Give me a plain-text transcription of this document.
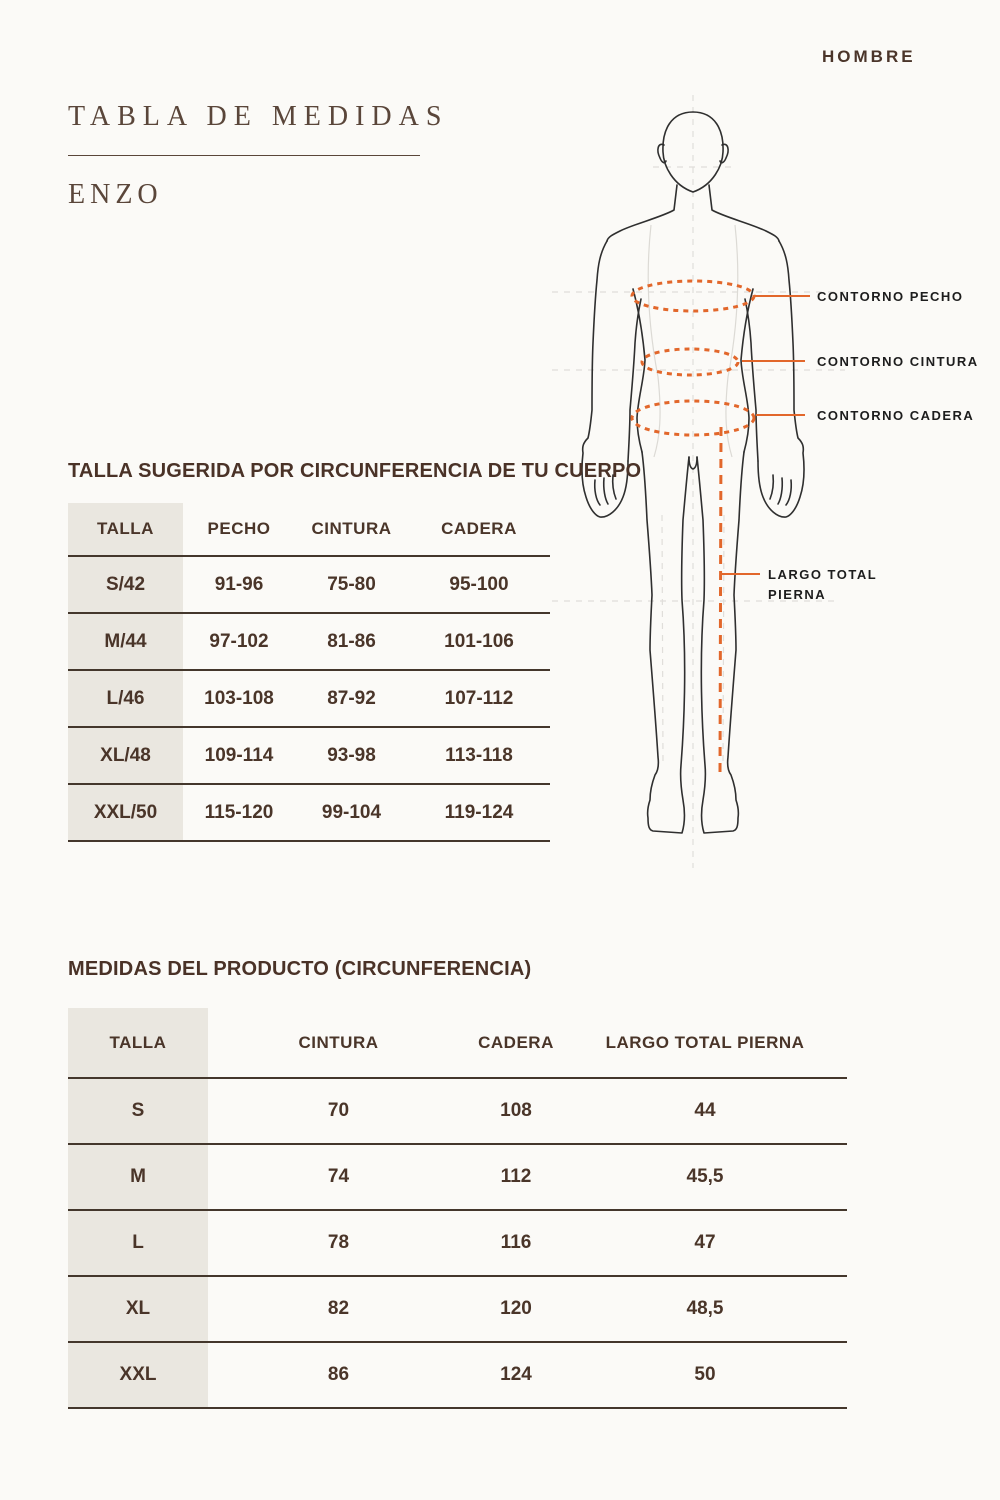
HOMBRE
TABLA DE MEDIDAS
ENZO
CONTORNO PECHO
CONTORNO CINTURA
CONTORNO CADERA
LARGO TOTAL
PIERNA
TALLA SUGERIDA POR CIRCUNFERENCIA DE TU CUERPO
TALLA	PECHO	CINTURA	CADERA
S/42	91-96	75-80	95-100
M/44	97-102	81-86	101-106
L/46	103-108	87-92	107-112
XL/48	109-114	93-98	113-118
XXL/50	115-120	99-104	119-124
MEDIDAS DEL PRODUCTO (CIRCUNFERENCIA)
TALLA	CINTURA	CADERA	LARGO TOTAL PIERNA
S	70	108	44
M	74	112	45,5
L	78	116	47
XL	82	120	48,5
XXL	86	124	50
